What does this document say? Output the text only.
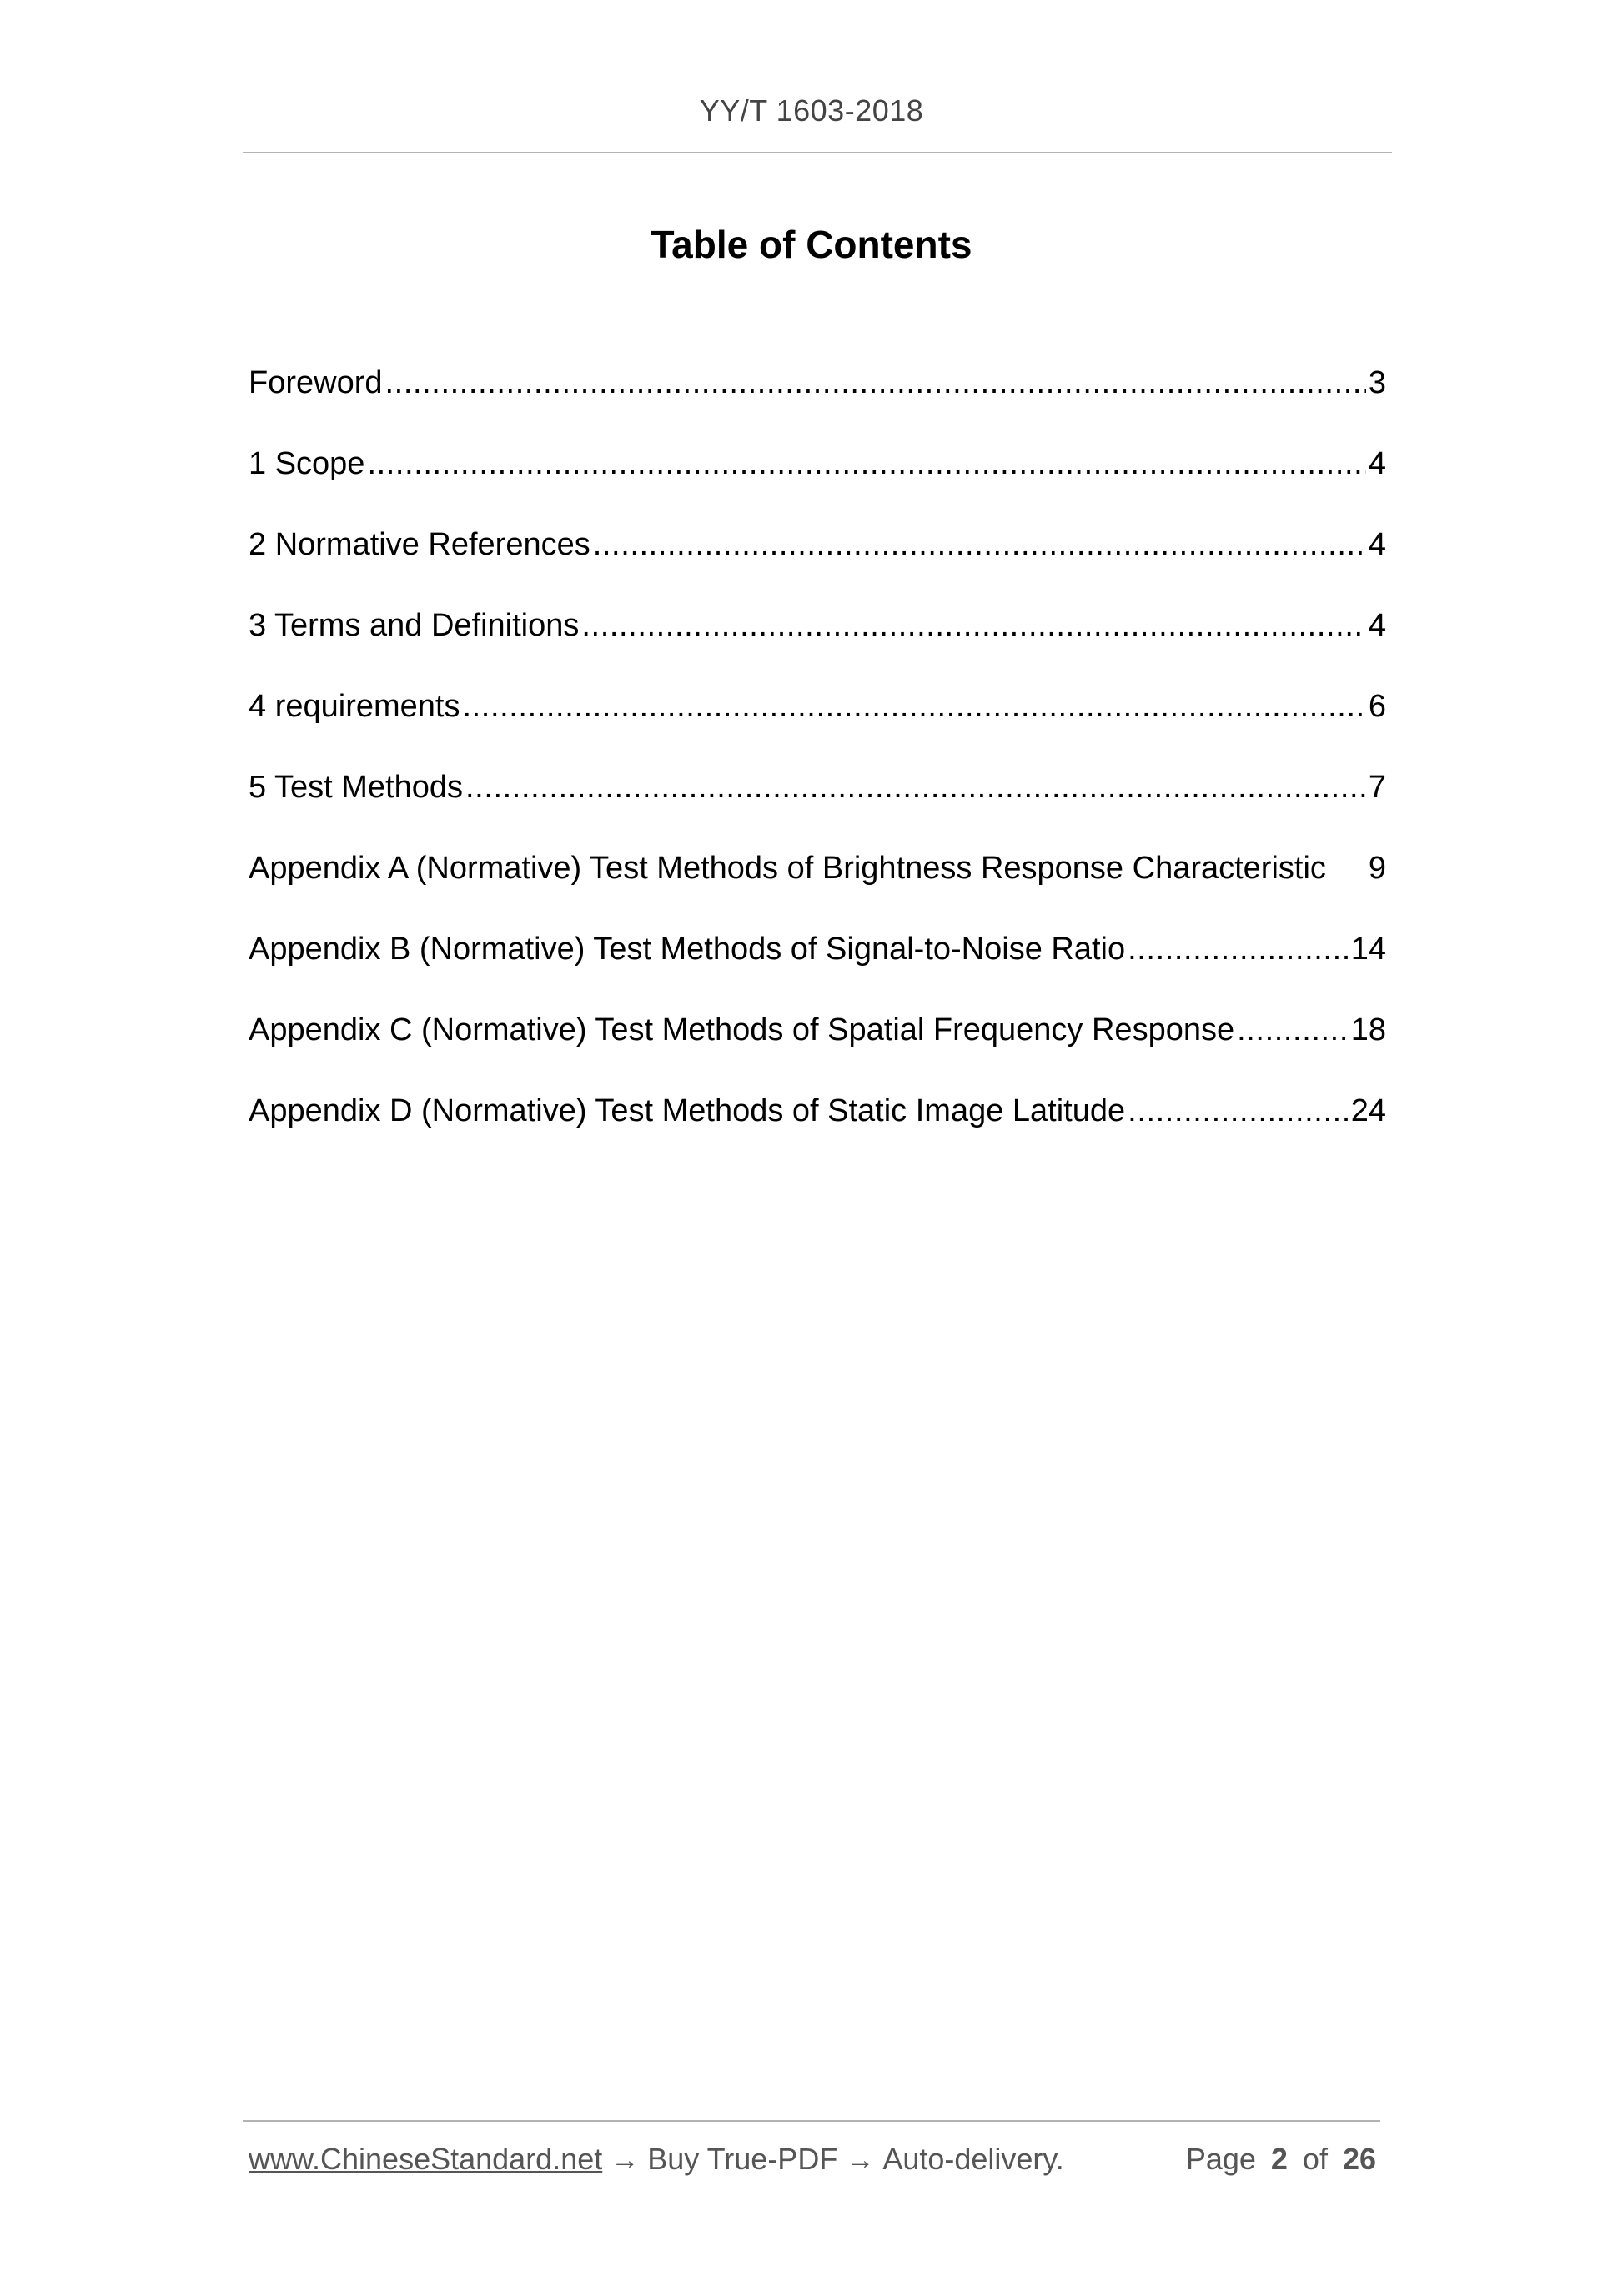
YY/T 1603-2018
Table of Contents
Foreword .....	3
1 Scope .....	4
2 Normative References .....	4
3 Terms and Definitions .....	4
4 requirements .....	6
5 Test Methods .....	7
Appendix A (Normative) Test Methods of Brightness Response Characteristic 9
Appendix B (Normative) Test Methods of Signal-to-Noise Ratio .....	14
Appendix C (Normative) Test Methods of Spatial Frequency Response .....	18
Appendix D (Normative) Test Methods of Static Image Latitude .....	24
www.ChineseStandard.net → Buy True-PDF → Auto-delivery.	Page 2 of 26
